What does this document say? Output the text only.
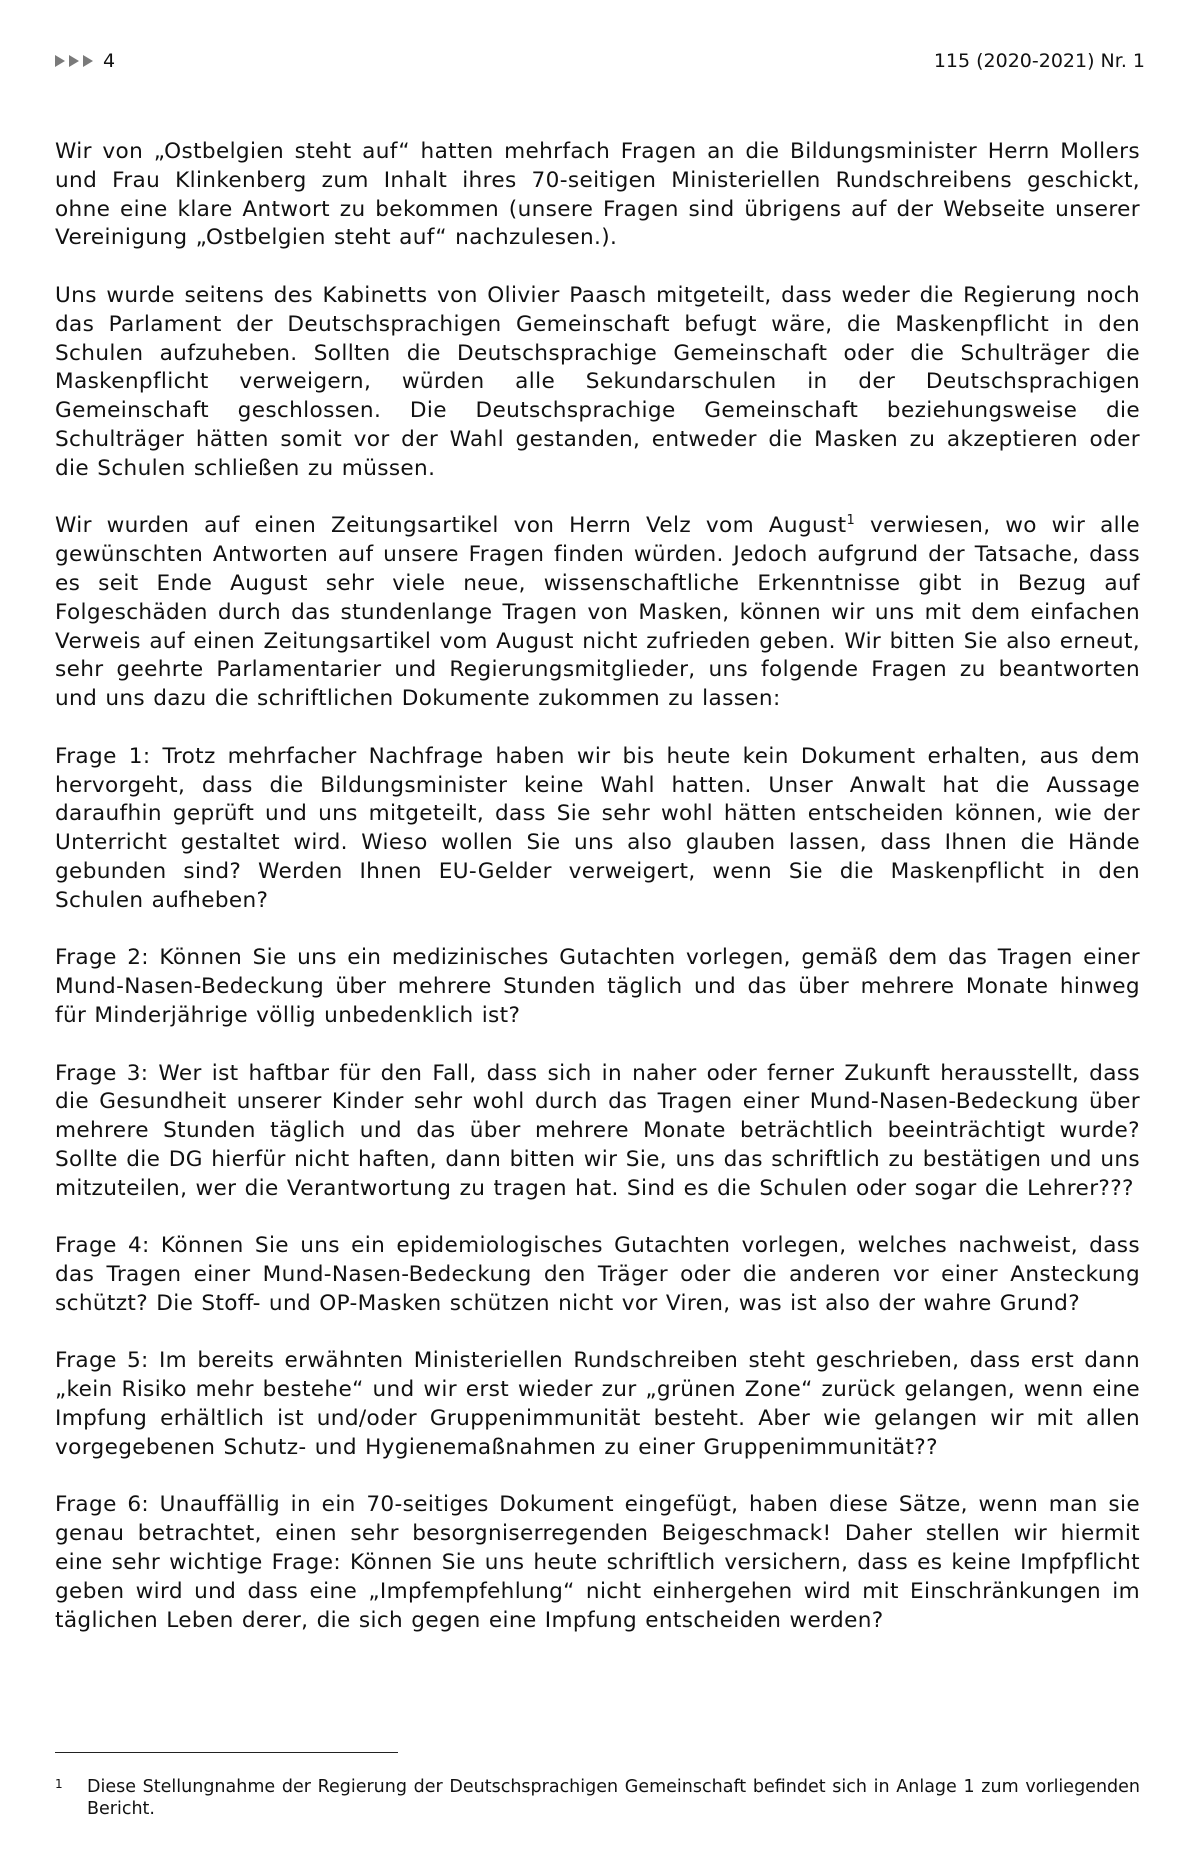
4	115 (2020-2021) Nr. 1

Wir von „Ostbelgien steht auf“ hatten mehrfach Fragen an die Bildungsminister Herrn Mollers und Frau Klinkenberg zum Inhalt ihres 70-seitigen Ministeriellen Rundschreibens geschickt, ohne eine klare Antwort zu bekommen (unsere Fragen sind übrigens auf der Webseite unserer Vereinigung „Ostbelgien steht auf“ nachzulesen.).

Uns wurde seitens des Kabinetts von Olivier Paasch mitgeteilt, dass weder die Regierung noch das Parlament der Deutschsprachigen Gemeinschaft befugt wäre, die Maskenpflicht in den Schulen aufzuheben. Sollten die Deutschsprachige Gemeinschaft oder die Schulträger die Maskenpflicht verweigern, würden alle Sekundarschulen in der Deutschsprachigen Gemeinschaft geschlossen. Die Deutschsprachige Gemeinschaft beziehungsweise die Schulträger hätten somit vor der Wahl gestanden, entweder die Masken zu akzeptieren oder die Schulen schließen zu müssen.

Wir wurden auf einen Zeitungsartikel von Herrn Velz vom August$^1$ verwiesen, wo wir alle gewünschten Antworten auf unsere Fragen finden würden. Jedoch aufgrund der Tatsache, dass es seit Ende August sehr viele neue, wissenschaftliche Erkenntnisse gibt in Bezug auf Folgeschäden durch das stundenlange Tragen von Masken, können wir uns mit dem einfachen Verweis auf einen Zeitungsartikel vom August nicht zufrieden geben. Wir bitten Sie also erneut, sehr geehrte Parlamentarier und Regierungsmitglieder, uns folgende Fragen zu beantworten und uns dazu die schriftlichen Dokumente zukommen zu lassen:

Frage 1: Trotz mehrfacher Nachfrage haben wir bis heute kein Dokument erhalten, aus dem hervorgeht, dass die Bildungsminister keine Wahl hatten. Unser Anwalt hat die Aussage daraufhin geprüft und uns mitgeteilt, dass Sie sehr wohl hätten entscheiden können, wie der Unterricht gestaltet wird. Wieso wollen Sie uns also glauben lassen, dass Ihnen die Hände gebunden sind? Werden Ihnen EU-Gelder verweigert, wenn Sie die Maskenpflicht in den Schulen aufheben?

Frage 2: Können Sie uns ein medizinisches Gutachten vorlegen, gemäß dem das Tragen einer Mund-Nasen-Bedeckung über mehrere Stunden täglich und das über mehrere Monate hinweg für Minderjährige völlig unbedenklich ist?

Frage 3: Wer ist haftbar für den Fall, dass sich in naher oder ferner Zukunft herausstellt, dass die Gesundheit unserer Kinder sehr wohl durch das Tragen einer Mund-Nasen-Bedeckung über mehrere Stunden täglich und das über mehrere Monate beträchtlich beeinträchtigt wurde? Sollte die DG hierfür nicht haften, dann bitten wir Sie, uns das schriftlich zu bestätigen und uns mitzuteilen, wer die Verantwortung zu tragen hat. Sind es die Schulen oder sogar die Lehrer???

Frage 4: Können Sie uns ein epidemiologisches Gutachten vorlegen, welches nachweist, dass das Tragen einer Mund-Nasen-Bedeckung den Träger oder die anderen vor einer Ansteckung schützt? Die Stoff- und OP-Masken schützen nicht vor Viren, was ist also der wahre Grund?

Frage 5: Im bereits erwähnten Ministeriellen Rundschreiben steht geschrieben, dass erst dann „kein Risiko mehr bestehe“ und wir erst wieder zur „grünen Zone“ zurück gelangen, wenn eine Impfung erhältlich ist und/oder Gruppenimmunität besteht. Aber wie gelangen wir mit allen vorgegebenen Schutz- und Hygienemaßnahmen zu einer Gruppenimmunität??

Frage 6: Unauffällig in ein 70-seitiges Dokument eingefügt, haben diese Sätze, wenn man sie genau betrachtet, einen sehr besorgniserregenden Beigeschmack! Daher stellen wir hiermit eine sehr wichtige Frage: Können Sie uns heute schriftlich versichern, dass es keine Impfpflicht geben wird und dass eine „Impfempfehlung“ nicht einhergehen wird mit Einschränkungen im täglichen Leben derer, die sich gegen eine Impfung entscheiden werden?

1	Diese Stellungnahme der Regierung der Deutschsprachigen Gemeinschaft befindet sich in Anlage 1 zum vorliegenden Bericht.
